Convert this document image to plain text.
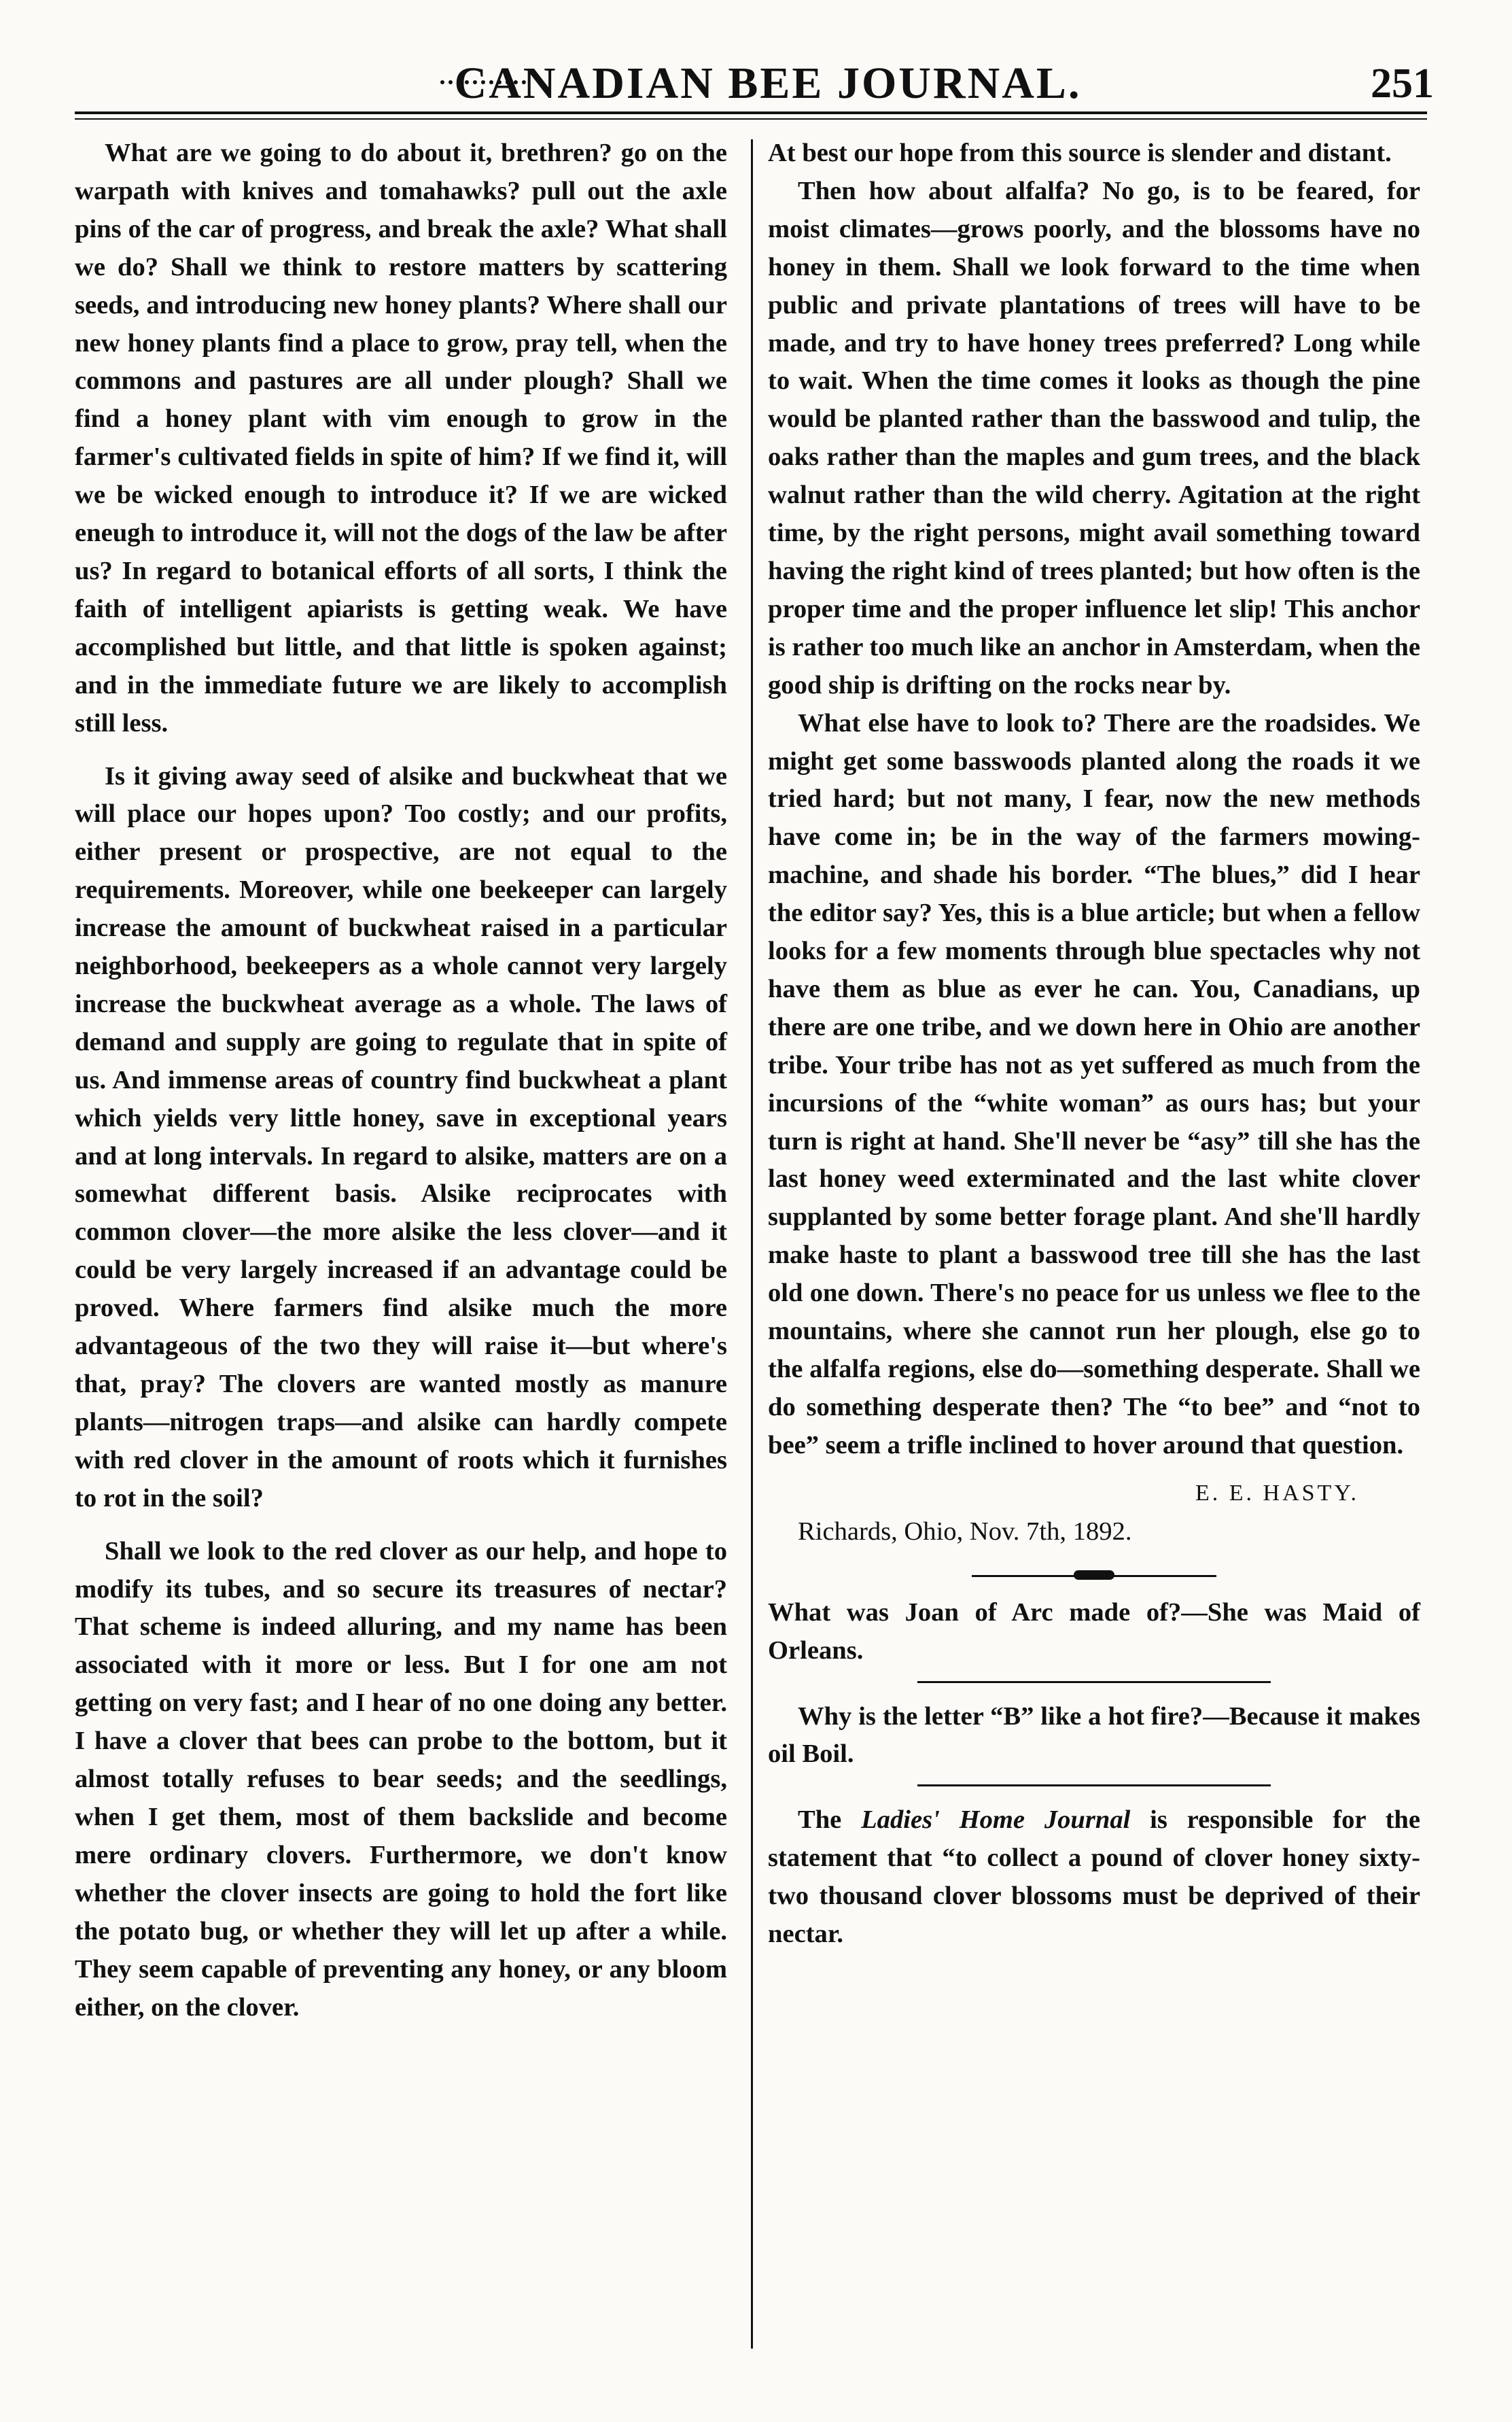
CANADIAN BEE JOURNAL.	251

What are we going to do about it, brethren? go on the warpath with knives and tomahawks? pull out the axle pins of the car of progress, and break the axle? What shall we do? Shall we think to restore matters by scattering seeds, and introducing new honey plants? Where shall our new honey plants find a place to grow, pray tell, when the commons and pastures are all under plough? Shall we find a honey plant with vim enough to grow in the farmer's cultivated fields in spite of him? If we find it, will we be wicked enough to introduce it? If we are wicked eneugh to introduce it, will not the dogs of the law be after us? In regard to botanical efforts of all sorts, I think the faith of intelligent apiarists is getting weak. We have accomplished but little, and that little is spoken against; and in the immediate future we are likely to accomplish still less.

Is it giving away seed of alsike and buckwheat that we will place our hopes upon? Too costly; and our profits, either present or prospective, are not equal to the requirements. Moreover, while one beekeeper can largely increase the amount of buckwheat raised in a particular neighborhood, beekeepers as a whole cannot very largely increase the buckwheat average as a whole. The laws of demand and supply are going to regulate that in spite of us. And immense areas of country find buckwheat a plant which yields very little honey, save in exceptional years and at long intervals. In regard to alsike, matters are on a somewhat different basis. Alsike reciprocates with common clover—the more alsike the less clover—and it could be very largely increased if an advantage could be proved. Where farmers find alsike much the more advantageous of the two they will raise it—but where's that, pray? The clovers are wanted mostly as manure plants—nitrogen traps—and alsike can hardly compete with red clover in the amount of roots which it furnishes to rot in the soil?

Shall we look to the red clover as our help, and hope to modify its tubes, and so secure its treasures of nectar? That scheme is indeed alluring, and my name has been associated with it more or less. But I for one am not getting on very fast; and I hear of no one doing any better. I have a clover that bees can probe to the bottom, but it almost totally refuses to bear seeds; and the seedlings, when I get them, most of them backslide and become mere ordinary clovers. Furthermore, we don't know whether the clover insects are going to hold the fort like the potato bug, or whether they will let up after a while. They seem capable of preventing any honey, or any bloom either, on the clover.

At best our hope from this source is slender and distant.

Then how about alfalfa? No go, is to be feared, for moist climates—grows poorly, and the blossoms have no honey in them. Shall we look forward to the time when public and private plantations of trees will have to be made, and try to have honey trees preferred? Long while to wait. When the time comes it looks as though the pine would be planted rather than the basswood and tulip, the oaks rather than the maples and gum trees, and the black walnut rather than the wild cherry. Agitation at the right time, by the right persons, might avail something toward having the right kind of trees planted; but how often is the proper time and the proper influence let slip! This anchor is rather too much like an anchor in Amsterdam, when the good ship is drifting on the rocks near by.

What else have to look to? There are the roadsides. We might get some basswoods planted along the roads it we tried hard; but not many, I fear, now the new methods have come in; be in the way of the farmers mowing-machine, and shade his border. “The blues,” did I hear the editor say? Yes, this is a blue article; but when a fellow looks for a few moments through blue spectacles why not have them as blue as ever he can. You, Canadians, up there are one tribe, and we down here in Ohio are another tribe. Your tribe has not as yet suffered as much from the incursions of the “white woman” as ours has; but your turn is right at hand. She'll never be “asy” till she has the last honey weed exterminated and the last white clover supplanted by some better forage plant. And she'll hardly make haste to plant a basswood tree till she has the last old one down. There's no peace for us unless we flee to the mountains, where she cannot run her plough, else go to the alfalfa regions, else do—something desperate. Shall we do something desperate then? The “to bee” and “not to bee” seem a trifle inclined to hover around that question.

E. E. HASTY.
Richards, Ohio, Nov. 7th, 1892.

What was Joan of Arc made of?—She was Maid of Orleans.

Why is the letter “B” like a hot fire?—Because it makes oil Boil.

The Ladies' Home Journal is responsible for the statement that “to collect a pound of clover honey sixty-two thousand clover blossoms must be deprived of their nectar.
